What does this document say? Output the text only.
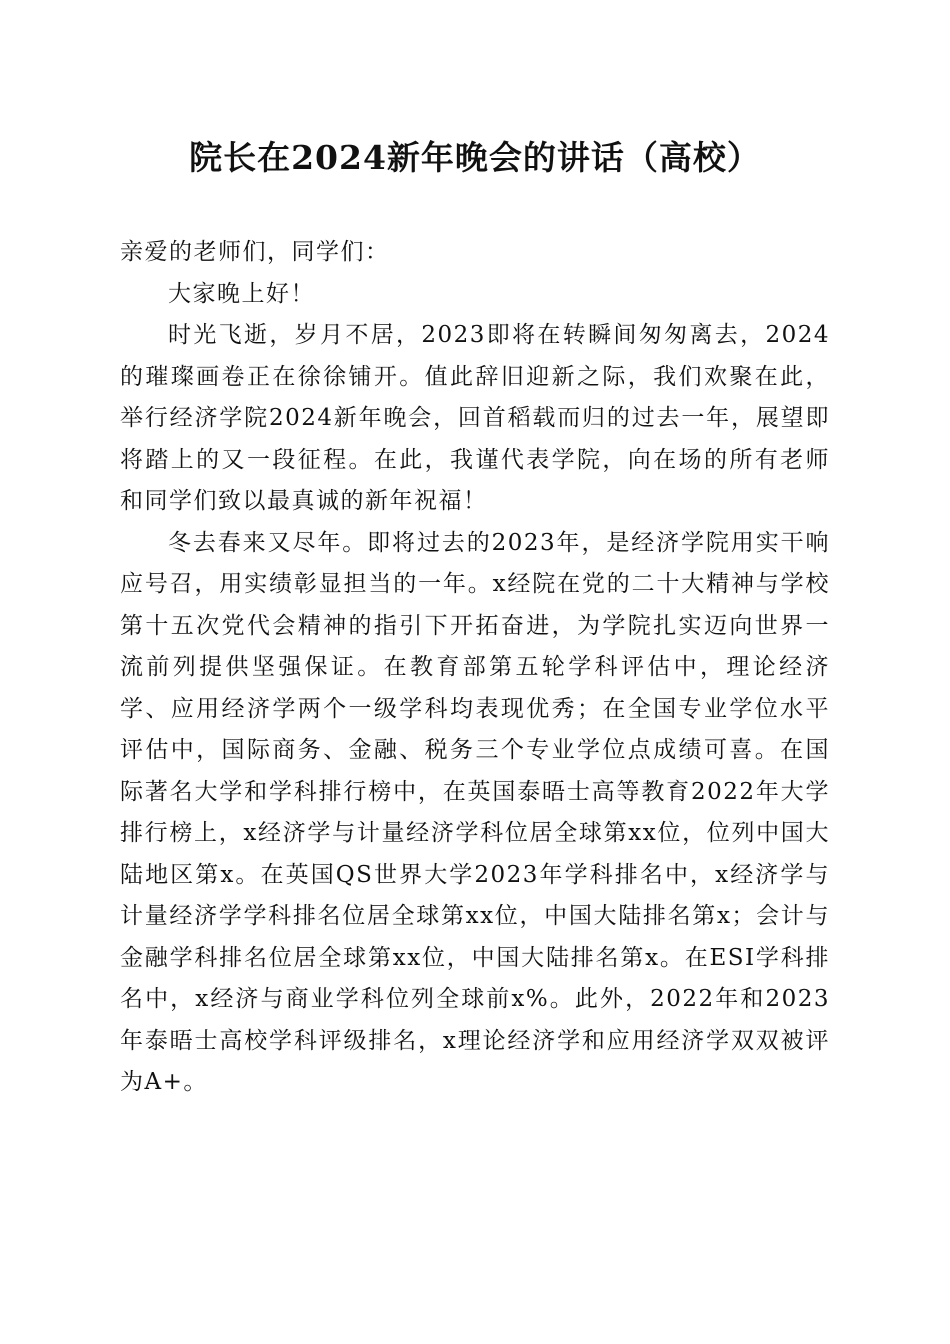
院长在2024新年晚会的讲话（高校）

亲爱的老师们，同学们：

大家晚上好！

时光飞逝，岁月不居，2023即将在转瞬间匆匆离去，2024的璀璨画卷正在徐徐铺开。值此辞旧迎新之际，我们欢聚在此，举行经济学院2024新年晚会，回首稻载而归的过去一年，展望即将踏上的又一段征程。在此，我谨代表学院，向在场的所有老师和同学们致以最真诚的新年祝福！

冬去春来又尽年。即将过去的2023年，是经济学院用实干响应号召，用实绩彰显担当的一年。x经院在党的二十大精神与学校第十五次党代会精神的指引下开拓奋进，为学院扎实迈向世界一流前列提供坚强保证。在教育部第五轮学科评估中，理论经济学、应用经济学两个一级学科均表现优秀；在全国专业学位水平评估中，国际商务、金融、税务三个专业学位点成绩可喜。在国际著名大学和学科排行榜中，在英国泰晤士高等教育2022年大学排行榜上，x经济学与计量经济学科位居全球第xx位，位列中国大陆地区第x。在英国QS世界大学2023年学科排名中，x经济学与计量经济学学科排名位居全球第xx位，中国大陆排名第x；会计与金融学科排名位居全球第xx位，中国大陆排名第x。在ESI学科排名中，x经济与商业学科位列全球前x%。此外，2022年和2023年泰晤士高校学科评级排名，x理论经济学和应用经济学双双被评为A+。
